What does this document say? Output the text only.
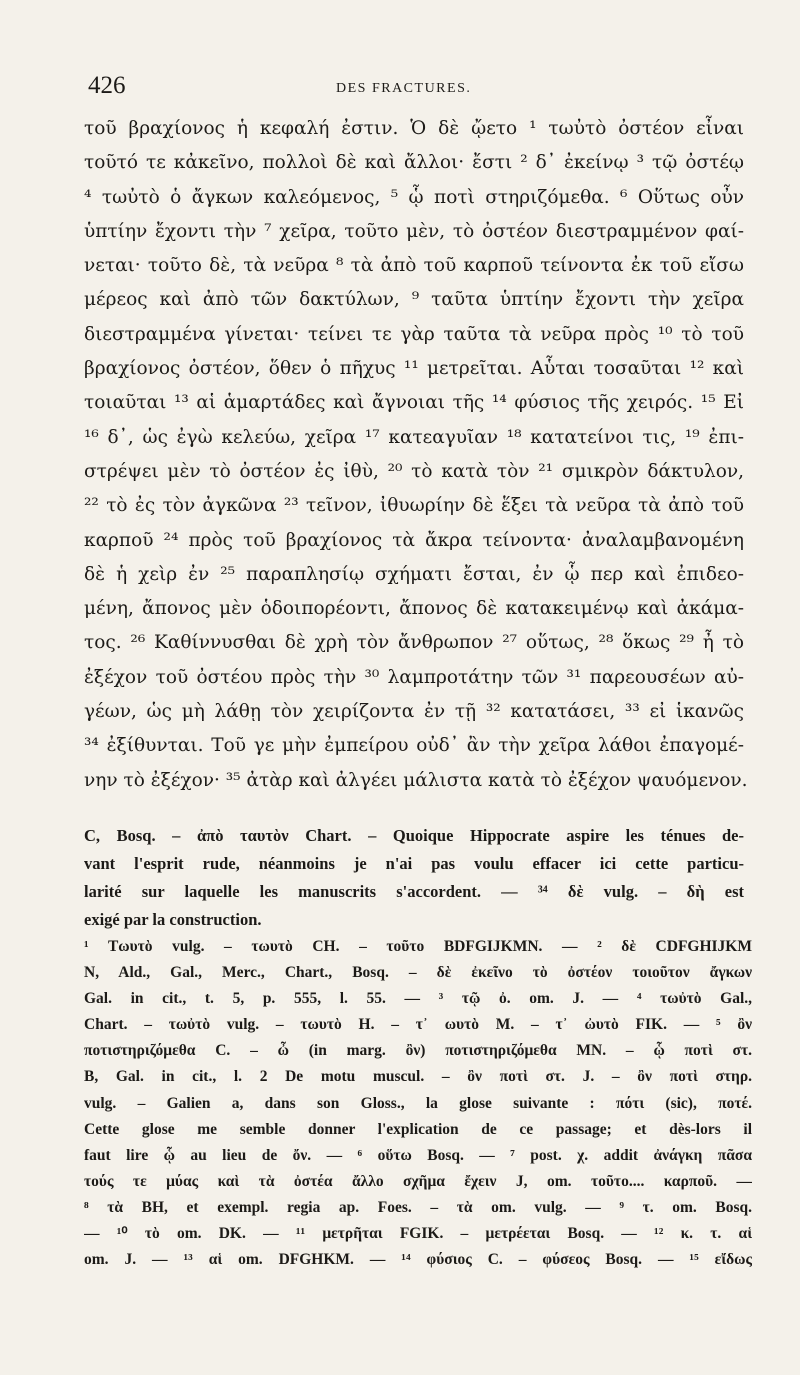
426	DES FRACTURES.
τοῦ βραχίονος ἡ κεφαλή ἐστιν. Ὁ δὲ ᾤετο ¹ τωὐτὸ ὀστέον εἶναι
τοῦτό τε κἀκεῖνο, πολλοὶ δὲ καὶ ἄλλοι· ἔστι ² δ᾽ ἐκείνῳ ³ τῷ ὀστέῳ
⁴ τωὐτὸ ὁ ἄγκων καλεόμενος, ⁵ ᾧ ποτὶ στηριζόμεθα. ⁶ Οὕτως οὖν
ὑπτίην ἔχοντι τὴν ⁷ χεῖρα, τοῦτο μὲν, τὸ ὀστέον διεστραμμένον φαί-
νεται· τοῦτο δὲ, τὰ νεῦρα ⁸ τὰ ἀπὸ τοῦ καρποῦ τείνοντα ἐκ τοῦ εἴσω
μέρεος καὶ ἀπὸ τῶν δακτύλων, ⁹ ταῦτα ὑπτίην ἔχοντι τὴν χεῖρα
διεστραμμένα γίνεται· τείνει τε γὰρ ταῦτα τὰ νεῦρα πρὸς ¹⁰ τὸ τοῦ
βραχίονος ὀστέον, ὅθεν ὁ πῆχυς ¹¹ μετρεῖται. Αὗται τοσαῦται ¹² καὶ
τοιαῦται ¹³ αἱ ἁμαρτάδες καὶ ἄγνοιαι τῆς ¹⁴ φύσιος τῆς χειρός. ¹⁵ Εἰ
¹⁶ δ᾽, ὡς ἐγὼ κελεύω, χεῖρα ¹⁷ κατεαγυῖαν ¹⁸ κατατείνοι τις, ¹⁹ ἐπι-
στρέψει μὲν τὸ ὀστέον ἐς ἰθὺ, ²⁰ τὸ κατὰ τὸν ²¹ σμικρὸν δάκτυλον,
²² τὸ ἐς τὸν ἀγκῶνα ²³ τεῖνον, ἰθυωρίην δὲ ἕξει τὰ νεῦρα τὰ ἀπὸ τοῦ
καρποῦ ²⁴ πρὸς τοῦ βραχίονος τὰ ἄκρα τείνοντα· ἀναλαμβανομένη
δὲ ἡ χεὶρ ἐν ²⁵ παραπλησίῳ σχήματι ἔσται, ἐν ᾧ περ καὶ ἐπιδεο-
μένη, ἄπονος μὲν ὁδοιπορέοντι, ἄπονος δὲ κατακειμένῳ καὶ ἀκάμα-
τος. ²⁶ Καθίννυσθαι δὲ χρὴ τὸν ἄνθρωπον ²⁷ οὕτως, ²⁸ ὅκως ²⁹ ἦ τὸ
ἐξέχον τοῦ ὀστέου πρὸς τὴν ³⁰ λαμπροτάτην τῶν ³¹ παρεουσέων αὐ-
γέων, ὡς μὴ λάθῃ τὸν χειρίζοντα ἐν τῇ ³² κατατάσει, ³³ εἰ ἱκανῶς
³⁴ ἐξίθυνται. Τοῦ γε μὴν ἐμπείρου οὐδ᾽ ἂν τὴν χεῖρα λάθοι ἐπαγομέ-
νην τὸ ἐξέχον· ³⁵ ἀτὰρ καὶ ἀλγέει μάλιστα κατὰ τὸ ἐξέχον ψαυόμενον.
C, Bosq. – ἀπὸ ταυτὸν Chart. – Quoique Hippocrate aspire les ténues de-
vant l'esprit rude, néanmoins je n'ai pas voulu effacer ici cette particu-
larité sur laquelle les manuscrits s'accordent. — ³⁴ δὲ vulg. – δὴ est
exigé par la construction.
¹ Τωυτὸ vulg. – τωυτὸ CH. – τοῦτο BDFGIJKMN. — ² δὲ CDFGHIJKM
N, Ald., Gal., Merc., Chart., Bosq. – δὲ ἐκεῖνο τὸ ὀστέον τοιοῦτον ἄγκων
Gal. in cit., t. 5, p. 555, l. 55. — ³ τῷ ὀ. om. J. — ⁴ τωὐτὸ Gal.,
Chart. – τωὐτὸ vulg. – τωυτὸ H. – τ᾽ ωυτὸ M. – τ᾽ ὠυτὸ FIK. — ⁵ ὂν
ποτιστηριζόμεθα C. – ὦ (in marg. ὂν) ποτιστηριζόμεθα MN. – ᾧ ποτὶ στ.
B, Gal. in cit., l. 2 De motu muscul. – ὂν ποτὶ στ. J. – ὂν ποτὶ στηρ.
vulg. – Galien a, dans son Gloss., la glose suivante : πότι (sic), ποτέ.
Cette glose me semble donner l'explication de ce passage; et dès-lors il
faut lire ᾧ au lieu de ὄν. — ⁶ οὕτω Bosq. — ⁷ post. χ. addit ἀνάγκη πᾶσα
τούς τε μύας καὶ τὰ ὀστέα ἄλλο σχῆμα ἔχειν J, om. τοῦτο.... καρποῦ. —
⁸ τὰ BH, et exempl. regia ap. Foes. – τὰ om. vulg. — ⁹ τ. om. Bosq.
— ¹⁰ τὸ om. DK. — ¹¹ μετρῆται FGIK. – μετρέεται Bosq. — ¹² κ. τ. αἱ
om. J. — ¹³ αἱ om. DFGHKM. — ¹⁴ φύσιος C. – φύσεος Bosq. — ¹⁵ εἴδως
